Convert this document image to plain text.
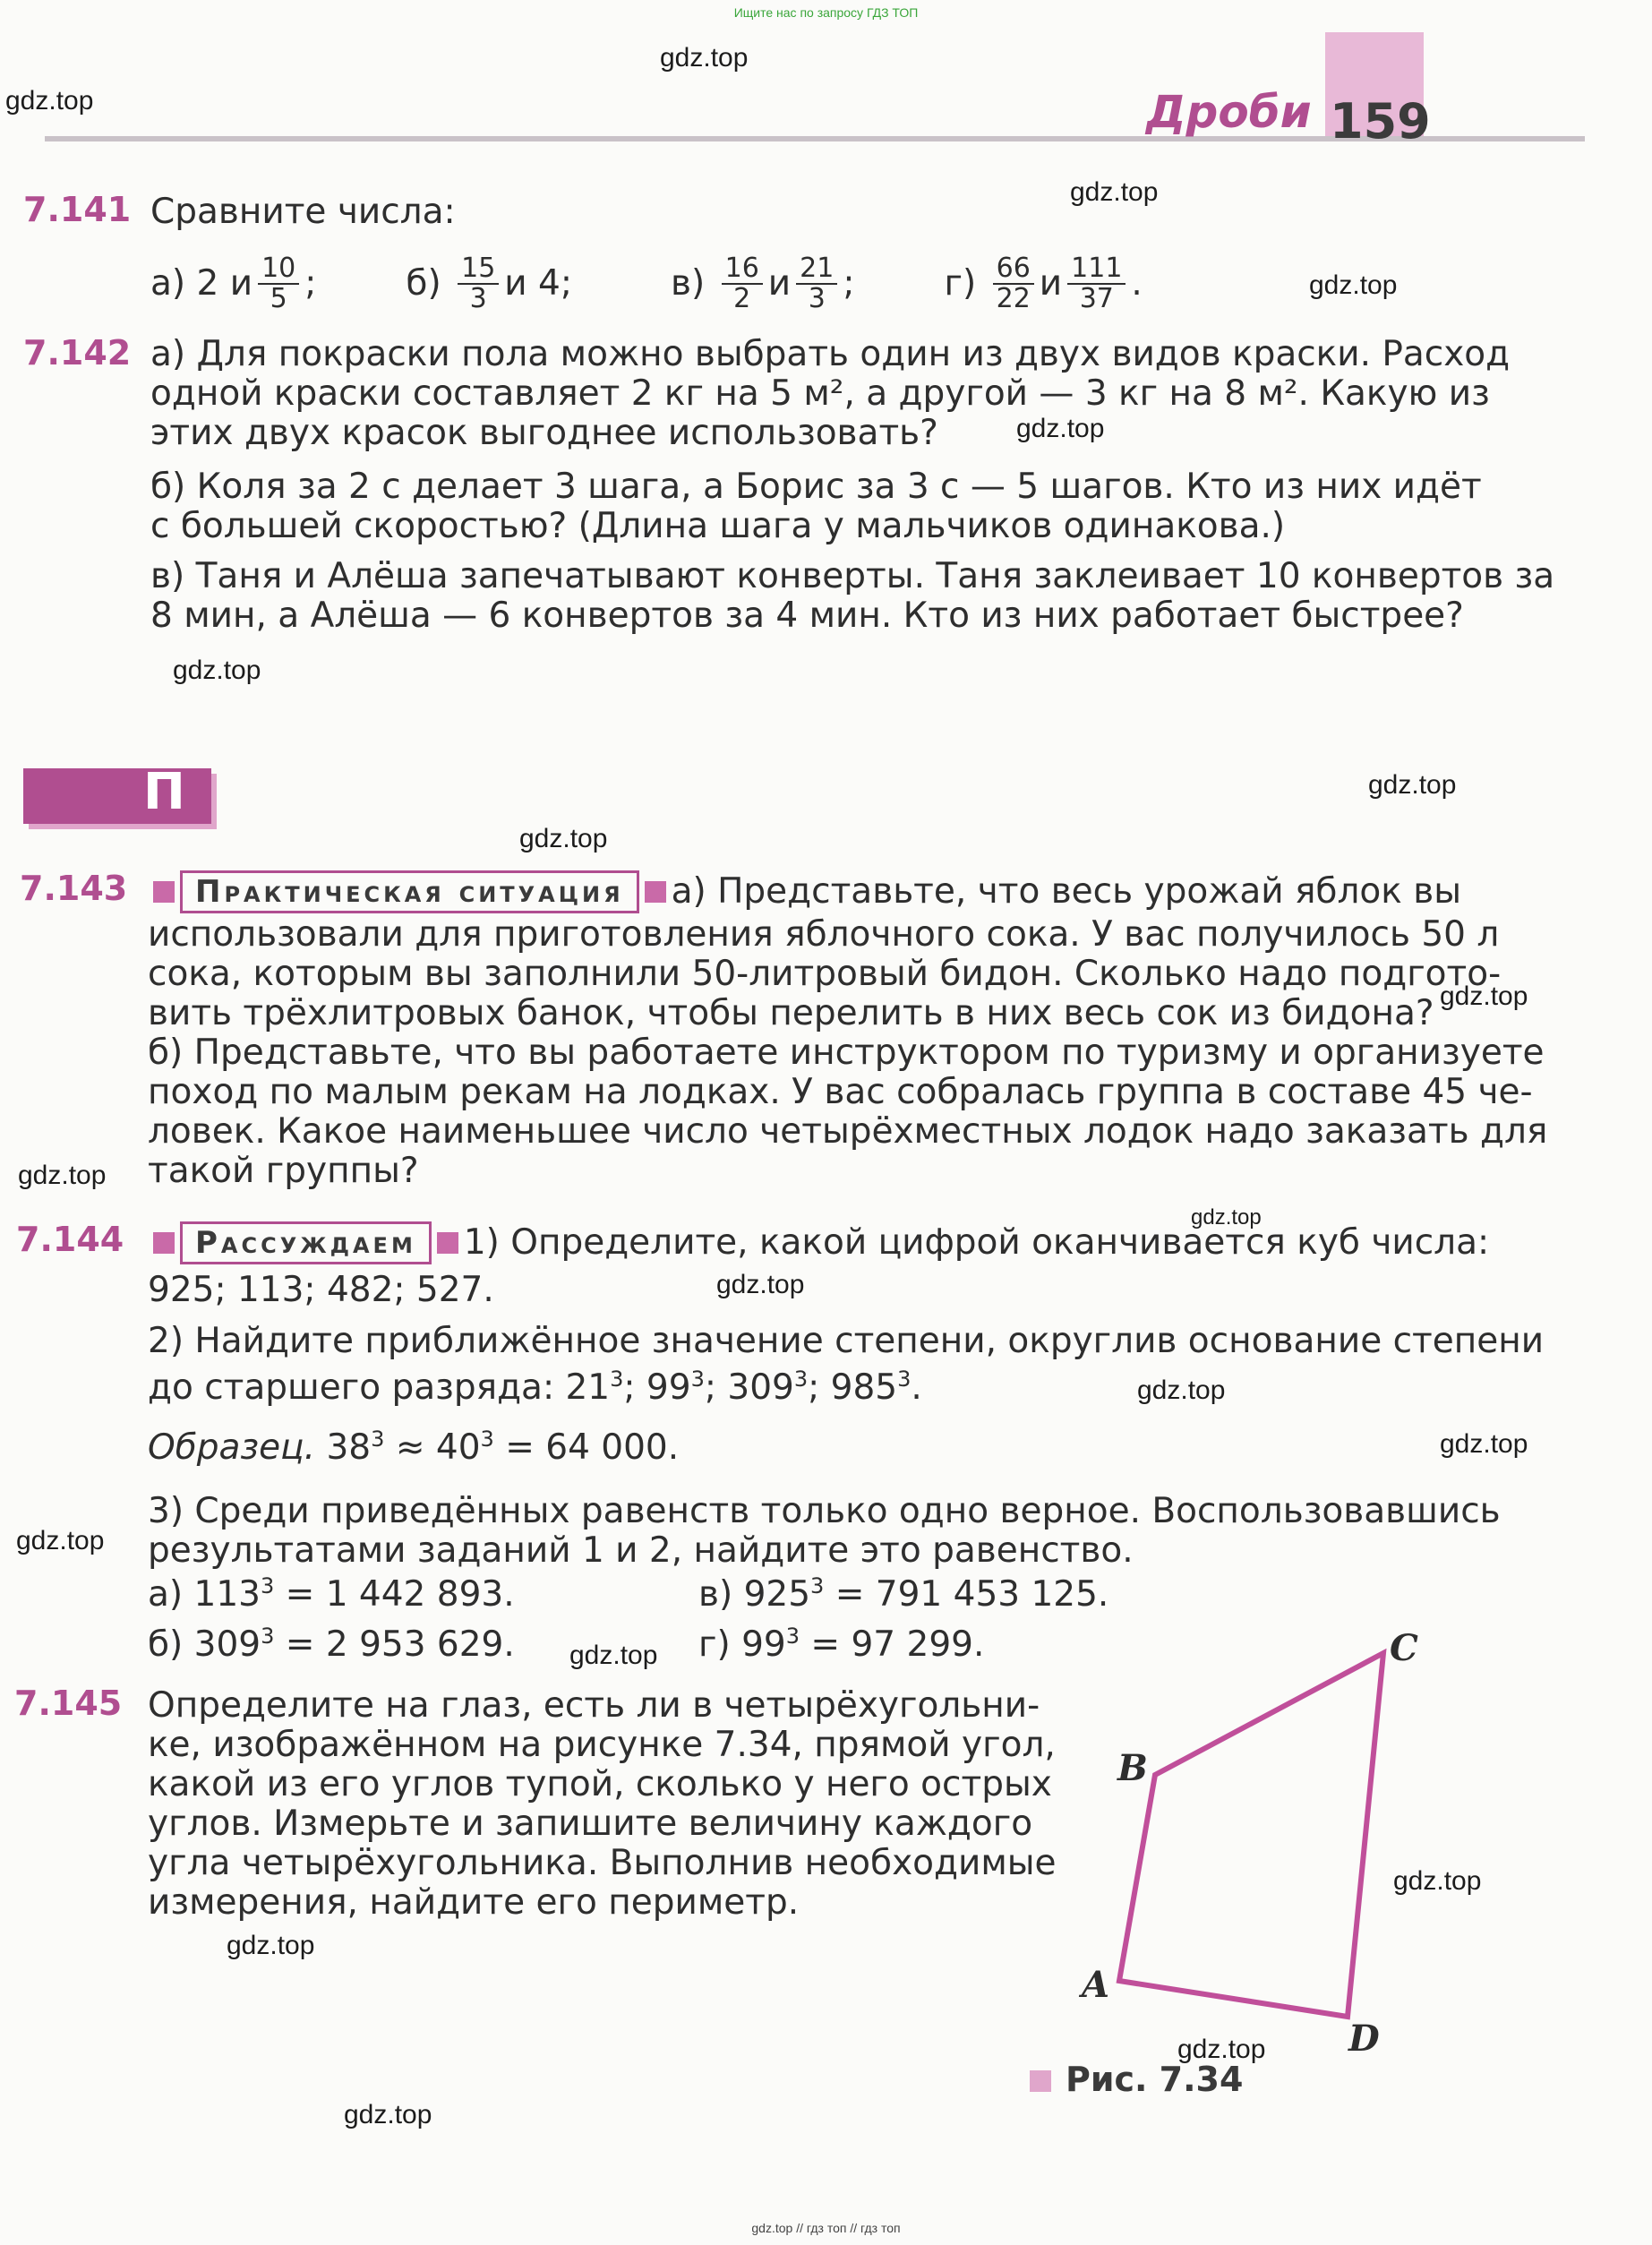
Ищите нас по запросу ГДЗ ТОП
Дроби 159
7.141 Сравните числа:
а)
2 и $\frac{10}{5}$ ;	б)
$\frac{15}{3}$ и 4;	в)
$\frac{16}{2}$ и $\frac{21}{3}$ ;	г)
$\frac{66}{22}$ и $\frac{111}{37}$ .
7.142 а) Для покраски пола можно выбрать один из двух видов краски. Расход
одной краски составляет 2 кг на 5 м², а другой — 3 кг на 8 м². Какую из
этих двух красок выгоднее использовать?
б) Коля за 2 с делает 3 шага, а Борис за 3 с — 5 шагов. Кто из них идёт
с большей скоростью? (Длина шага у мальчиков одинакова.)
в) Таня и Алёша запечатывают конверты. Таня заклеивает 10 конвертов за
8 мин, а Алёша — 6 конвертов за 4 мин. Кто из них работает быстрее?
П
7.143	Практическая ситуация	а) Представьте, что весь урожай яблок вы
использовали для приготовления яблочного сока. У вас получилось 50 л
сока, которым вы заполнили 50-литровый бидон. Сколько надо подгото-
вить трёхлитровых банок, чтобы перелить в них весь сок из бидона?
б) Представьте, что вы работаете инструктором по туризму и организуете
поход по малым рекам на лодках. У вас собралась группа в составе 45 че-
ловек. Какое наименьшее число четырёхместных лодок надо заказать для
такой группы?
7.144	Рассуждаем	1) Определите, какой цифрой оканчивается куб числа:
925; 113; 482; 527.
2) Найдите приближённое значение степени, округлив основание степени
до старшего разряда: $21^3$; $99^3$; $309^3$; $985^3$.
Образец. $38^3 \approx 40^3 = 64$ 000.
3) Среди приведённых равенств только одно верное. Воспользовавшись
результатами заданий 1 и 2, найдите это равенство.
а) $113^3 = 1$ 442 893.	в) $925^3 = 791$ 453 125.
б) $309^3 = 2$ 953 629.	г) $99^3 = 97$ 299.
7.145 Определите на глаз, есть ли в четырёхугольни-
ке, изображённом на рисунке 7.34, прямой угол,
какой из его углов тупой, сколько у него острых
углов. Измерьте и запишите величину каждого
угла четырёхугольника. Выполнив необходимые
измерения, найдите его периметр.
B
C
A
D
Рис. 7.34
gdz.top
gdz.top
gdz.top
gdz.top
gdz.top
gdz.top
gdz.top
gdz.top
gdz.top
gdz.top
gdz.top
gdz.top
gdz.top
gdz.top
gdz.top
gdz.top
gdz.top
gdz.top
gdz.top
gdz.top
gdz.top // гдз топ // гдз топ
